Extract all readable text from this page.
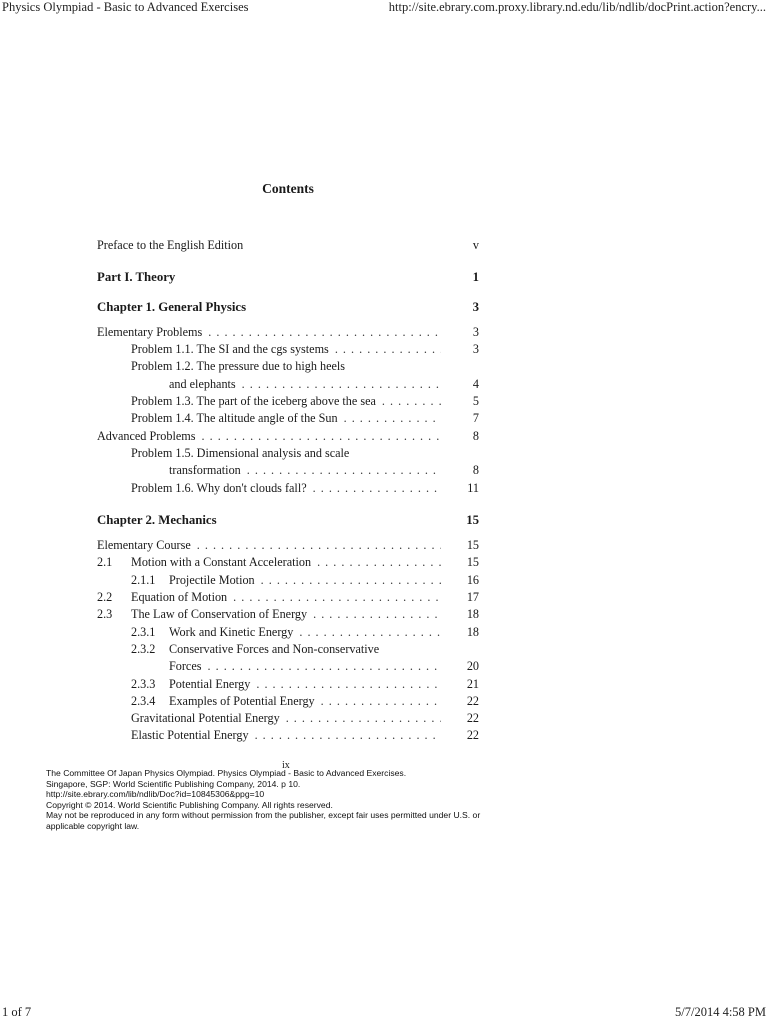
Physics Olympiad - Basic to Advanced Exercises	http://site.ebrary.com.proxy.library.nd.edu/lib/ndlib/docPrint.action?encry...
Contents
Preface to the English Edition	v
Part I. Theory	1
Chapter 1. General Physics	3
Elementary Problems . . .	3
Problem 1.1. The SI and the cgs systems . . .	3
Problem 1.2. The pressure due to high heels
and elephants . . .	4
Problem 1.3. The part of the iceberg above the sea . . .	5
Problem 1.4. The altitude angle of the Sun . . .	7
Advanced Problems . . .	8
Problem 1.5. Dimensional analysis and scale
transformation . . .	8
Problem 1.6. Why don't clouds fall? . . .	11
Chapter 2. Mechanics	15
Elementary Course . . .	15
2.1	Motion with a Constant Acceleration . . .	15
2.1.1	Projectile Motion . . .	16
2.2	Equation of Motion . . .	17
2.3	The Law of Conservation of Energy . . .	18
2.3.1	Work and Kinetic Energy . . .	18
2.3.2	Conservative Forces and Non-conservative
Forces . . .	20
2.3.3	Potential Energy . . .	21
2.3.4	Examples of Potential Energy . . .	22
Gravitational Potential Energy . . .	22
Elastic Potential Energy . . .	22
ix
The Committee Of Japan Physics Olympiad. Physics Olympiad - Basic to Advanced Exercises.
Singapore, SGP: World Scientific Publishing Company, 2014. p 10.
http://site.ebrary.com/lib/ndlib/Doc?id=10845306&ppg=10
Copyright © 2014. World Scientific Publishing Company. All rights reserved.
May not be reproduced in any form without permission from the publisher, except fair uses permitted under U.S. or
applicable copyright law.
1 of 7	5/7/2014 4:58 PM
